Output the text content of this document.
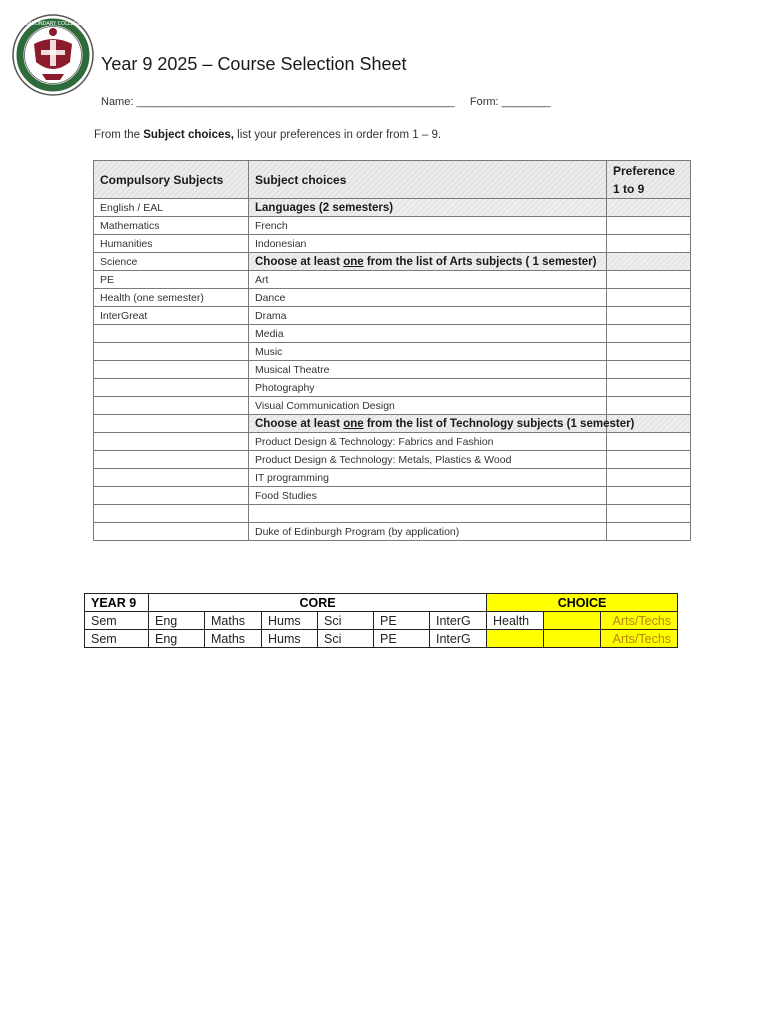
SECONDARY COLLEGE
Year 9 2025 – Course Selection Sheet
Name: ____________________________________________________     Form: ________
From the Subject choices, list your preferences in order from 1 – 9.
Compulsory Subjects	Subject choices	Preference
1 to 9
English / EAL	Languages (2 semesters)	
Mathematics	French	
Humanities	Indonesian	
Science	Choose at least one from the list of Arts subjects ( 1 semester)	
PE	Art	
Health (one semester)	Dance	
InterGreat	Drama	
	Media	
	Music	
	Musical Theatre	
	Photography	
	Visual Communication Design	
	Choose at least one from the list of Technology subjects (1 semester)	
	Product Design & Technology: Fabrics and Fashion	
	Product Design & Technology: Metals, Plastics & Wood	
	IT programming	
	Food Studies	

	Duke of Edinburgh Program (by application)	
YEAR 9	CORE						CHOICE		
Sem	Eng	Maths	Hums	Sci	PE	InterG	Health		Arts/Techs
Sem	Eng	Maths	Hums	Sci	PE	InterG			Arts/Techs
